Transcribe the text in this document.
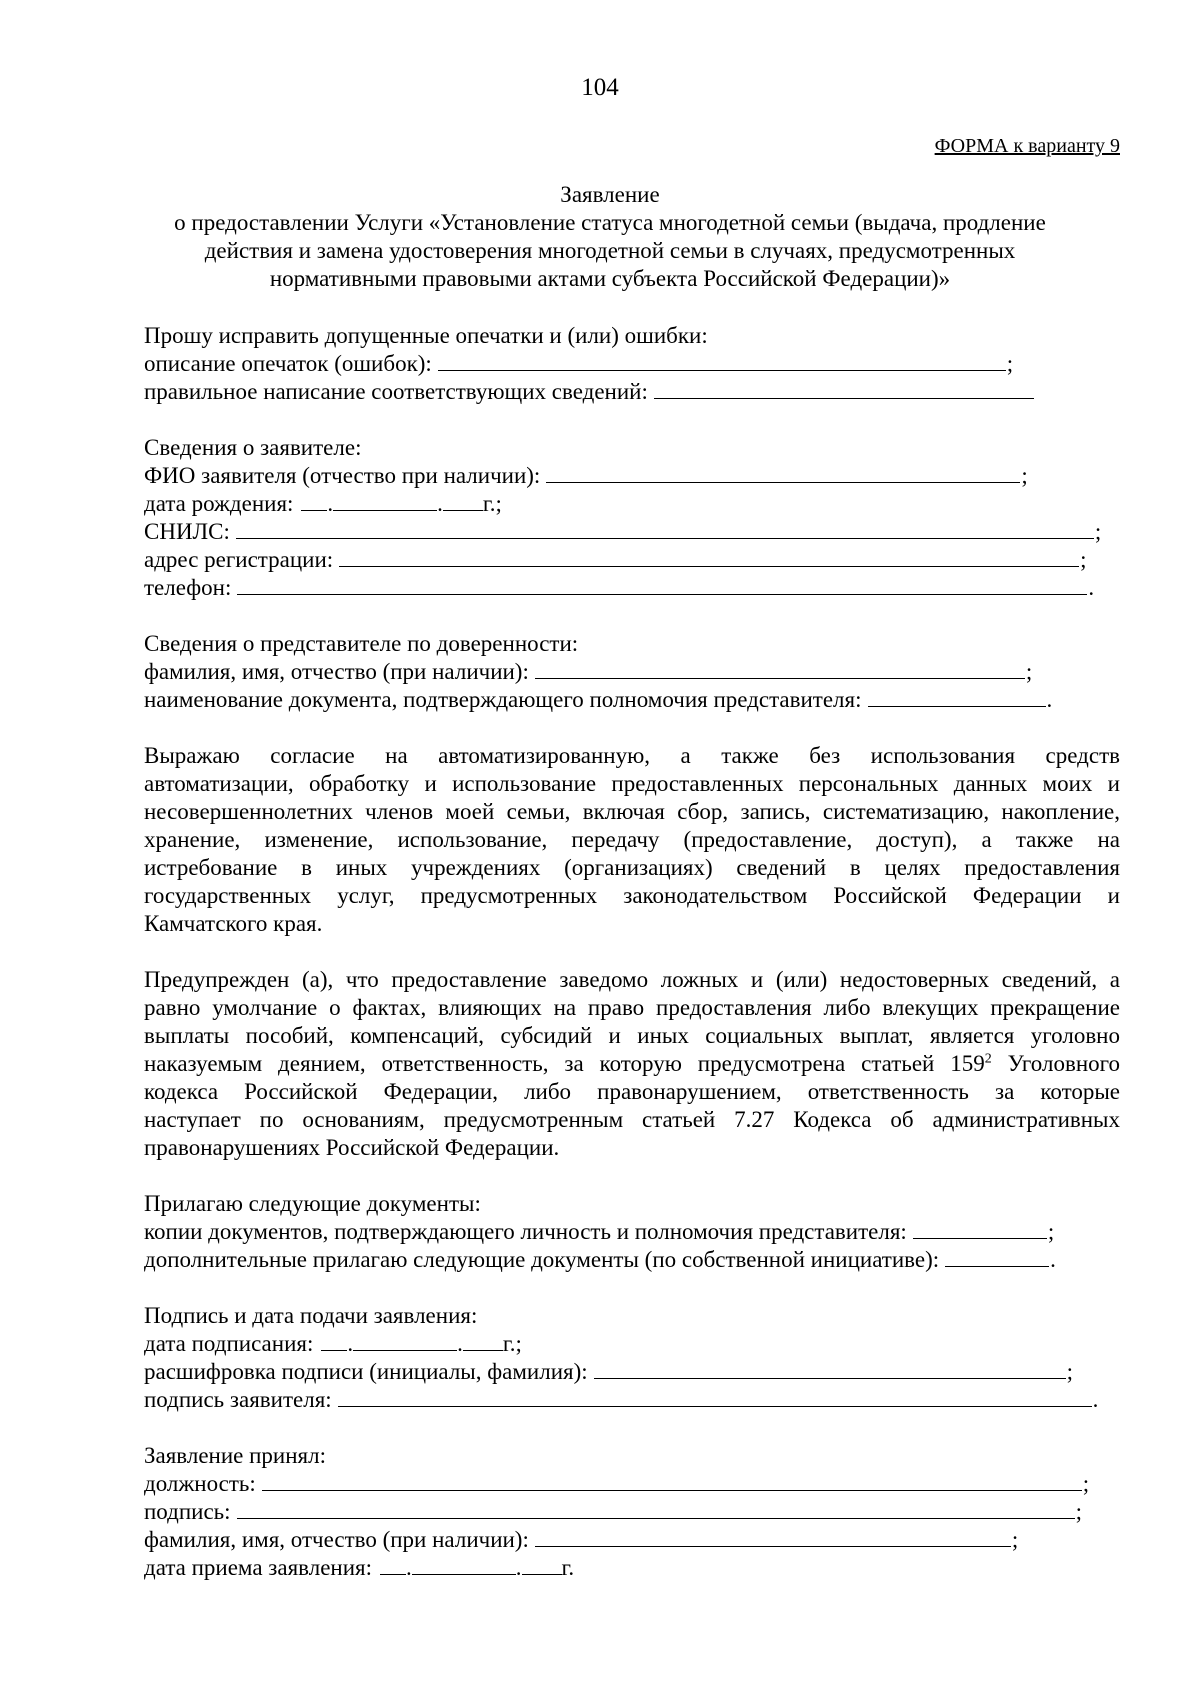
104
ФОРМА к варианту 9
Заявление
о предоставлении Услуги «Установление статуса многодетной семьи (выдача, продление
действия и замена удостоверения многодетной семьи в случаях, предусмотренных
нормативными правовыми актами субъекта Российской Федерации)»
Прошу исправить допущенные опечатки и (или) ошибки:
описание опечаток (ошибок):	;
правильное написание соответствующих сведений:
Сведения о заявителе:
ФИО заявителя (отчество при наличии):	;
дата рождения: .	. г.;
СНИЛС:	;
адрес регистрации:	;
телефон:	.
Сведения о представителе по доверенности:
фамилия, имя, отчество (при наличии):	;
наименование документа, подтверждающего полномочия представителя:	.
Выражаю согласие на автоматизированную, а также без использования средств
автоматизации, обработку и использование предоставленных персональных данных моих и
несовершеннолетних членов моей семьи, включая сбор, запись, систематизацию, накопление,
хранение, изменение, использование, передачу (предоставление, доступ), а также на
истребование в иных учреждениях (организациях) сведений в целях предоставления
государственных услуг, предусмотренных законодательством Российской Федерации и
Камчатского края.
Предупрежден (а), что предоставление заведомо ложных и (или) недостоверных сведений, а
равно умолчание о фактах, влияющих на право предоставления либо влекущих прекращение
выплаты пособий, компенсаций, субсидий и иных социальных выплат, является уголовно
наказуемым деянием, ответственность, за которую предусмотрена статьей $159^2$ Уголовного
кодекса Российской Федерации, либо правонарушением, ответственность за которые
наступает по основаниям, предусмотренным статьей 7.27 Кодекса об административных
правонарушениях Российской Федерации.
Прилагаю следующие документы:
копии документов, подтверждающего личность и полномочия представителя:	;
дополнительные прилагаю следующие документы (по собственной инициативе):	.
Подпись и дата подачи заявления:
дата подписания: .	. г.;
расшифровка подписи (инициалы, фамилия):	;
подпись заявителя:	.
Заявление принял:
должность:	;
подпись:	;
фамилия, имя, отчество (при наличии):	;
дата приема заявления: .	. г.
